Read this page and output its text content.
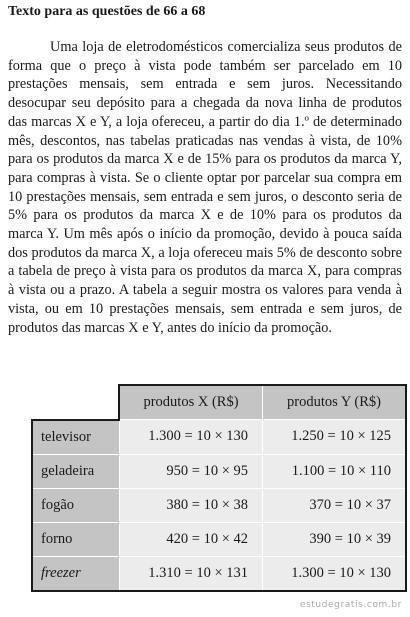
Texto para as questões de 66 a 68

Uma loja de eletrodomésticos comercializa seus produtos de forma que o preço à vista pode também ser parcelado em 10 prestações mensais, sem entrada e sem juros. Necessitando desocupar seu depósito para a chegada da nova linha de produtos das marcas X e Y, a loja ofereceu, a partir do dia 1.º de determinado mês, descontos, nas tabelas praticadas nas vendas à vista, de 10% para os produtos da marca X e de 15% para os produtos da marca Y, para compras à vista. Se o cliente optar por parcelar sua compra em 10 prestações mensais, sem entrada e sem juros, o desconto seria de 5% para os produtos da marca X e de 10% para os produtos da marca Y. Um mês após o início da promoção, devido à pouca saída dos produtos da marca X, a loja ofereceu mais 5% de desconto sobre a tabela de preço à vista para os produtos da marca X, para compras à vista ou a prazo. A tabela a seguir mostra os valores para venda à vista, ou em 10 prestações mensais, sem entrada e sem juros, de produtos das marcas X e Y, antes do início da promoção.

	produtos X (R$)	produtos Y (R$)
televisor	1.300 = 10 × 130	1.250 = 10 × 125
geladeira	950 = 10 × 95	1.100 = 10 × 110
fogão	380 = 10 × 38	370 = 10 × 37
forno	420 = 10 × 42	390 = 10 × 39
freezer	1.310 = 10 × 131	1.300 = 10 × 130
estudegratis.com.br
